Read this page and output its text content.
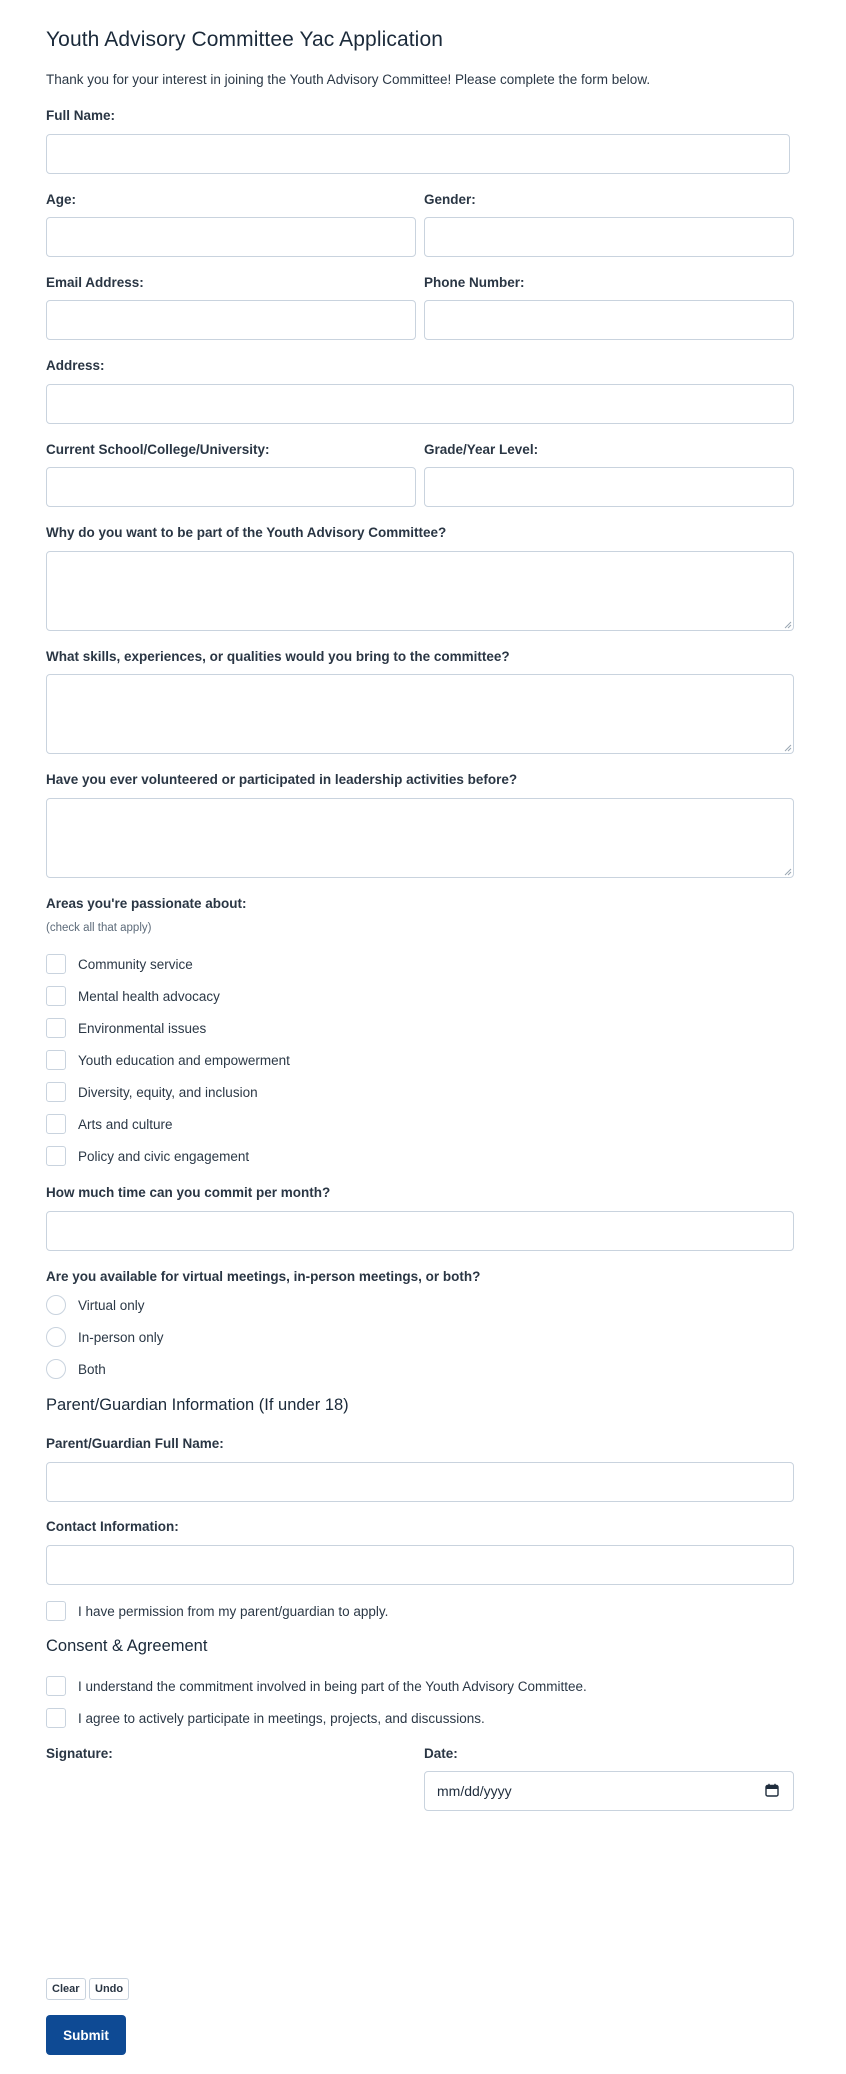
Youth Advisory Committee Yac Application
Thank you for your interest in joining the Youth Advisory Committee! Please complete the form below.
Full Name:
Age:	Gender:
Email Address:	Phone Number:
Address:
Current School/College/University:	Grade/Year Level:
Why do you want to be part of the Youth Advisory Committee?
What skills, experiences, or qualities would you bring to the committee?
Have you ever volunteered or participated in leadership activities before?
Areas you're passionate about:
(check all that apply)
Community service
Mental health advocacy
Environmental issues
Youth education and empowerment
Diversity, equity, and inclusion
Arts and culture
Policy and civic engagement
How much time can you commit per month?
Are you available for virtual meetings, in-person meetings, or both?
Virtual only
In-person only
Both
Parent/Guardian Information (If under 18)
Parent/Guardian Full Name:
Contact Information:
I have permission from my parent/guardian to apply.
Consent & Agreement
I understand the commitment involved in being part of the Youth Advisory Committee.
I agree to actively participate in meetings, projects, and discussions.
Signature:	Date:
mm/dd/yyyy
Clear	Undo
Submit
